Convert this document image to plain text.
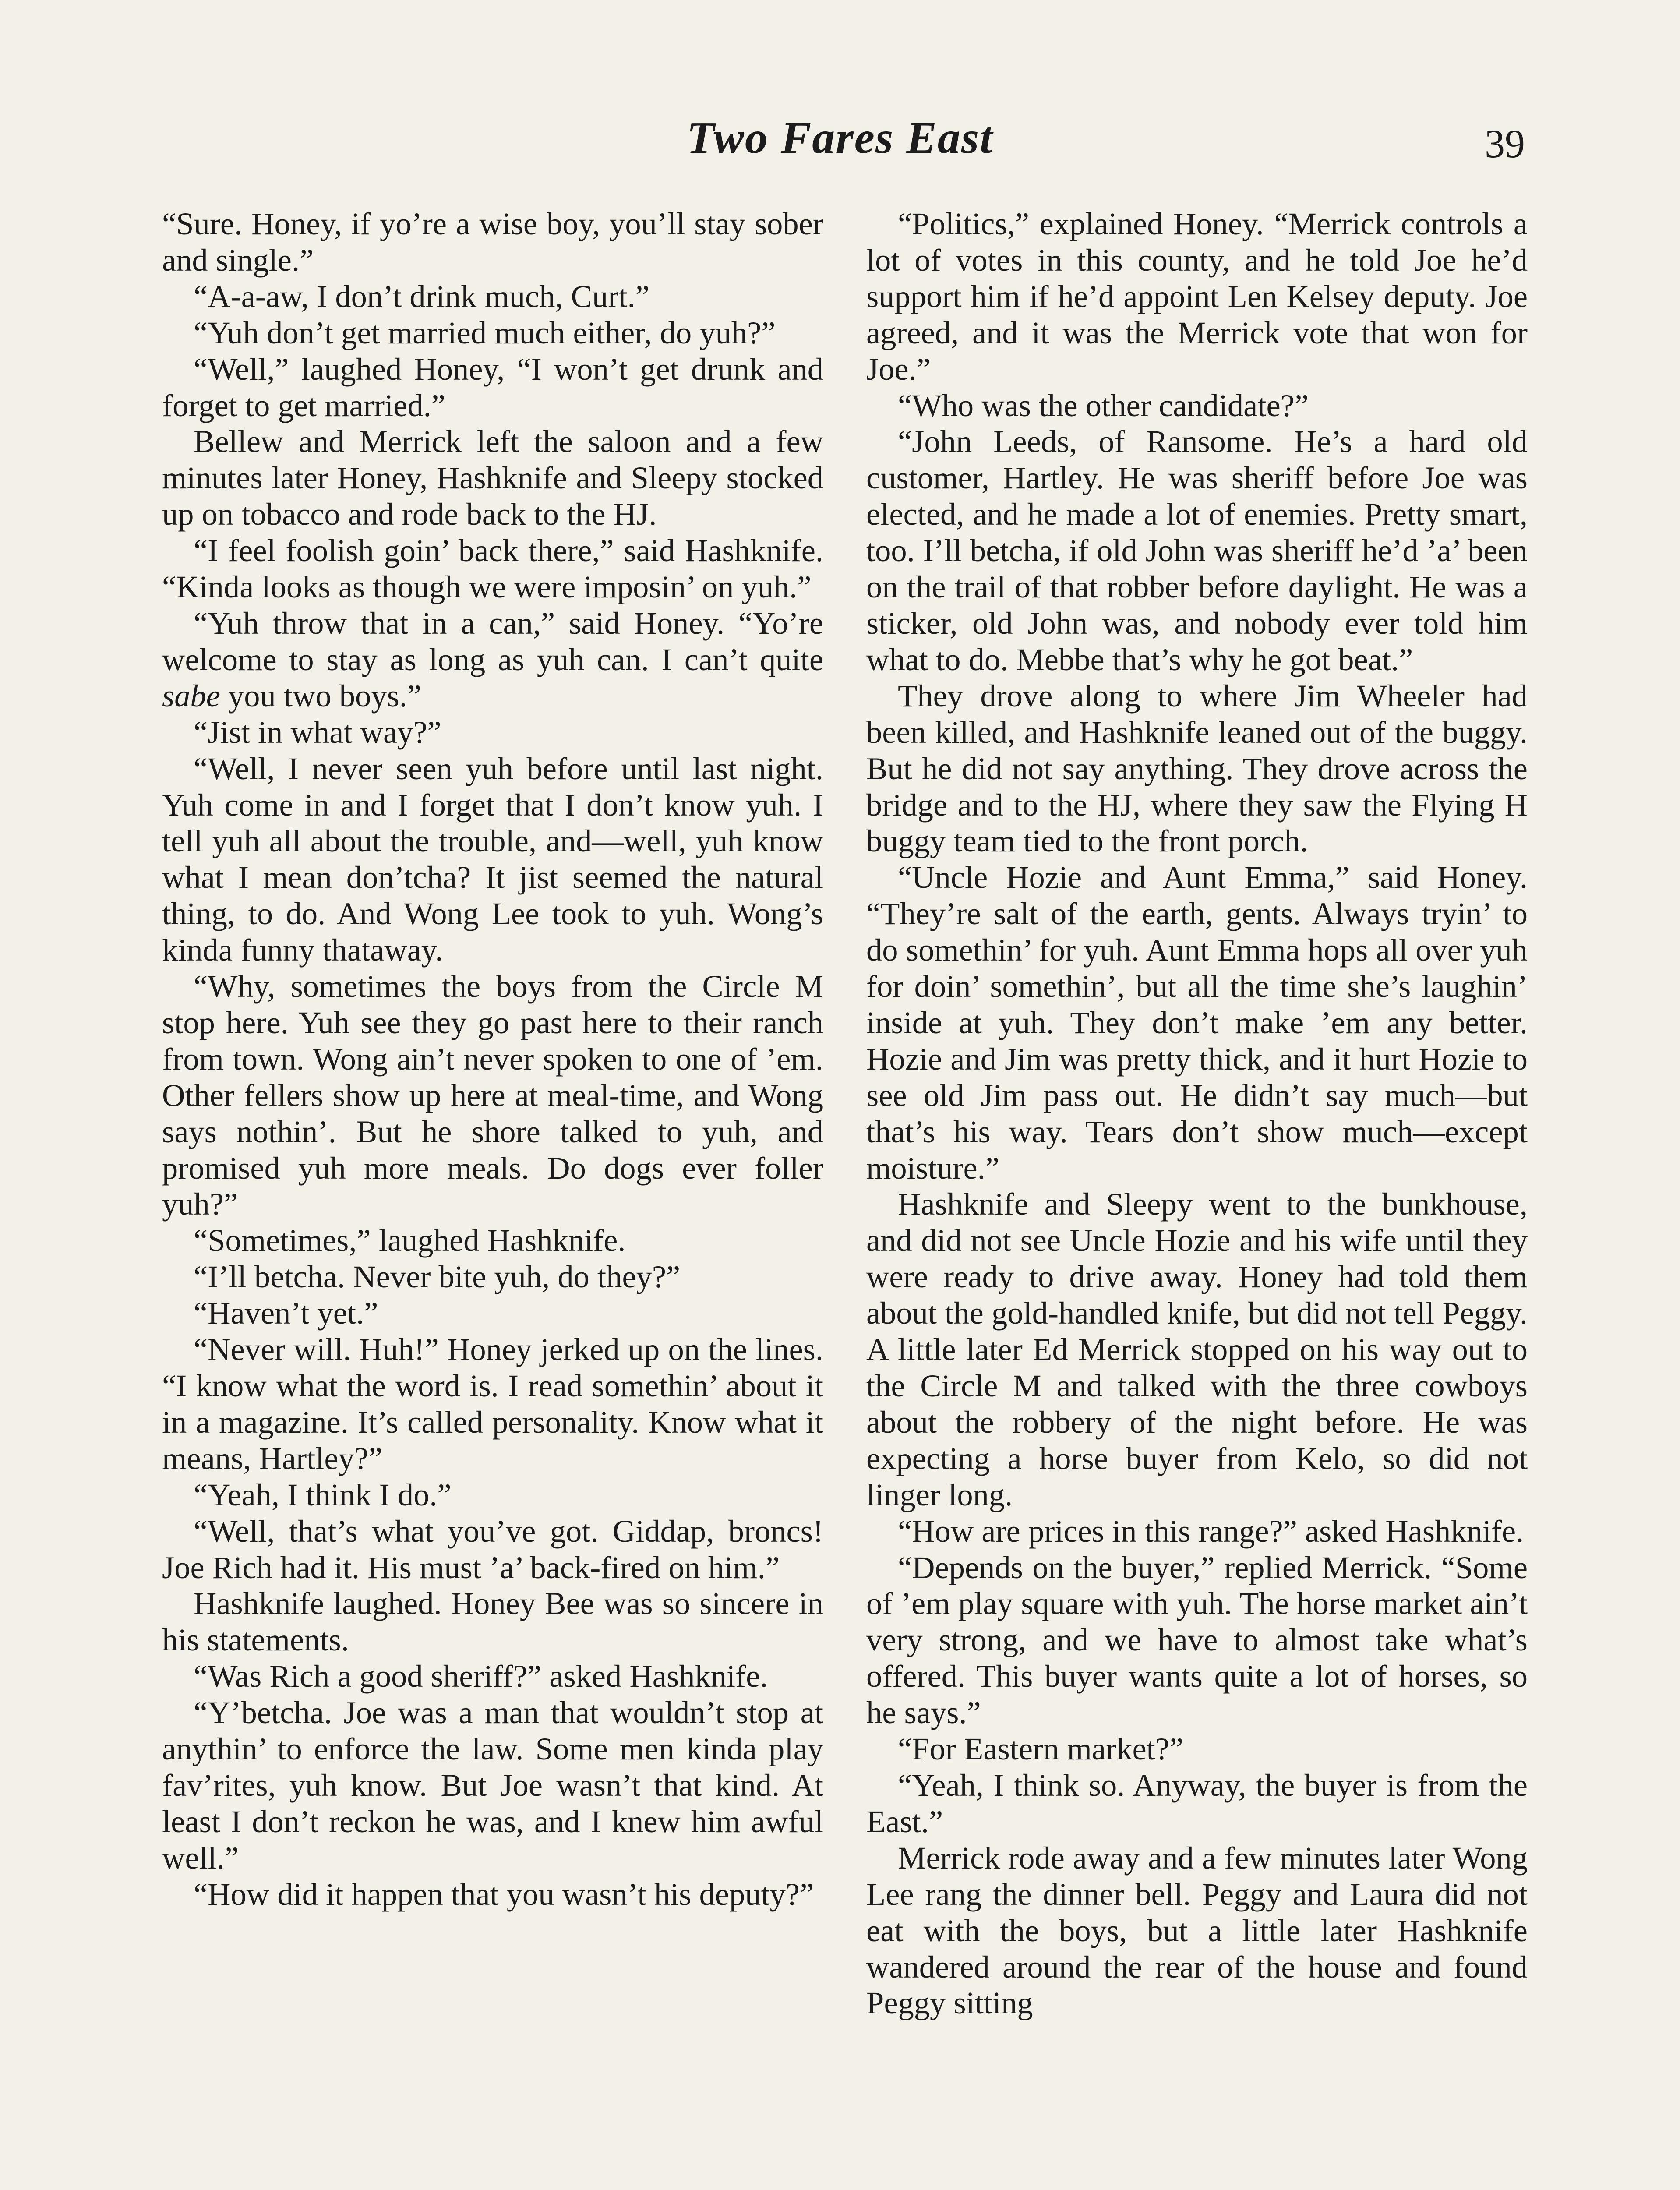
Two Fares East	39

“Sure. Honey, if yo’re a wise boy, you’ll stay sober and single.”

“A-a-aw, I don’t drink much, Curt.”

“Yuh don’t get married much either, do yuh?”

“Well,” laughed Honey, “I won’t get drunk and forget to get married.”

Bellew and Merrick left the saloon and a few minutes later Honey, Hashknife and Sleepy stocked up on tobacco and rode back to the HJ.

“I feel foolish goin’ back there,” said Hashknife. “Kinda looks as though we were imposin’ on yuh.”

“Yuh throw that in a can,” said Honey. “Yo’re welcome to stay as long as yuh can. I can’t quite sabe you two boys.”

“Jist in what way?”

“Well, I never seen yuh before until last night. Yuh come in and I forget that I don’t know yuh. I tell yuh all about the trouble, and—well, yuh know what I mean don’tcha? It jist seemed the natural thing, to do. And Wong Lee took to yuh. Wong’s kinda funny thataway.

“Why, sometimes the boys from the Circle M stop here. Yuh see they go past here to their ranch from town. Wong ain’t never spoken to one of ’em. Other fellers show up here at meal-time, and Wong says nothin’. But he shore talked to yuh, and promised yuh more meals. Do dogs ever foller yuh?”

“Sometimes,” laughed Hashknife.

“I’ll betcha. Never bite yuh, do they?”

“Haven’t yet.”

“Never will. Huh!” Honey jerked up on the lines. “I know what the word is. I read somethin’ about it in a magazine. It’s called personality. Know what it means, Hartley?”

“Yeah, I think I do.”

“Well, that’s what you’ve got. Giddap, broncs! Joe Rich had it. His must ’a’ back-fired on him.”

Hashknife laughed. Honey Bee was so sincere in his statements.

“Was Rich a good sheriff?” asked Hashknife.

“Y’betcha. Joe was a man that wouldn’t stop at anythin’ to enforce the law. Some men kinda play fav’rites, yuh know. But Joe wasn’t that kind. At least I don’t reckon he was, and I knew him awful well.”

“How did it happen that you wasn’t his deputy?”

“Politics,” explained Honey. “Merrick controls a lot of votes in this county, and he told Joe he’d support him if he’d appoint Len Kelsey deputy. Joe agreed, and it was the Merrick vote that won for Joe.”

“Who was the other candidate?”

“John Leeds, of Ransome. He’s a hard old customer, Hartley. He was sheriff before Joe was elected, and he made a lot of enemies. Pretty smart, too. I’ll betcha, if old John was sheriff he’d ’a’ been on the trail of that robber before daylight. He was a sticker, old John was, and nobody ever told him what to do. Mebbe that’s why he got beat.”

They drove along to where Jim Wheeler had been killed, and Hashknife leaned out of the buggy. But he did not say anything. They drove across the bridge and to the HJ, where they saw the Flying H buggy team tied to the front porch.

“Uncle Hozie and Aunt Emma,” said Honey. “They’re salt of the earth, gents. Always tryin’ to do somethin’ for yuh. Aunt Emma hops all over yuh for doin’ somethin’, but all the time she’s laughin’ inside at yuh. They don’t make ’em any better. Hozie and Jim was pretty thick, and it hurt Hozie to see old Jim pass out. He didn’t say much—but that’s his way. Tears don’t show much—except moisture.”

Hashknife and Sleepy went to the bunkhouse, and did not see Uncle Hozie and his wife until they were ready to drive away. Honey had told them about the gold-handled knife, but did not tell Peggy. A little later Ed Merrick stopped on his way out to the Circle M and talked with the three cowboys about the robbery of the night before. He was expecting a horse buyer from Kelo, so did not linger long.

“How are prices in this range?” asked Hashknife.

“Depends on the buyer,” replied Merrick. “Some of ’em play square with yuh. The horse market ain’t very strong, and we have to almost take what’s offered. This buyer wants quite a lot of horses, so he says.”

“For Eastern market?”

“Yeah, I think so. Anyway, the buyer is from the East.”

Merrick rode away and a few minutes later Wong Lee rang the dinner bell. Peggy and Laura did not eat with the boys, but a little later Hashknife wandered around the rear of the house and found Peggy sitting
